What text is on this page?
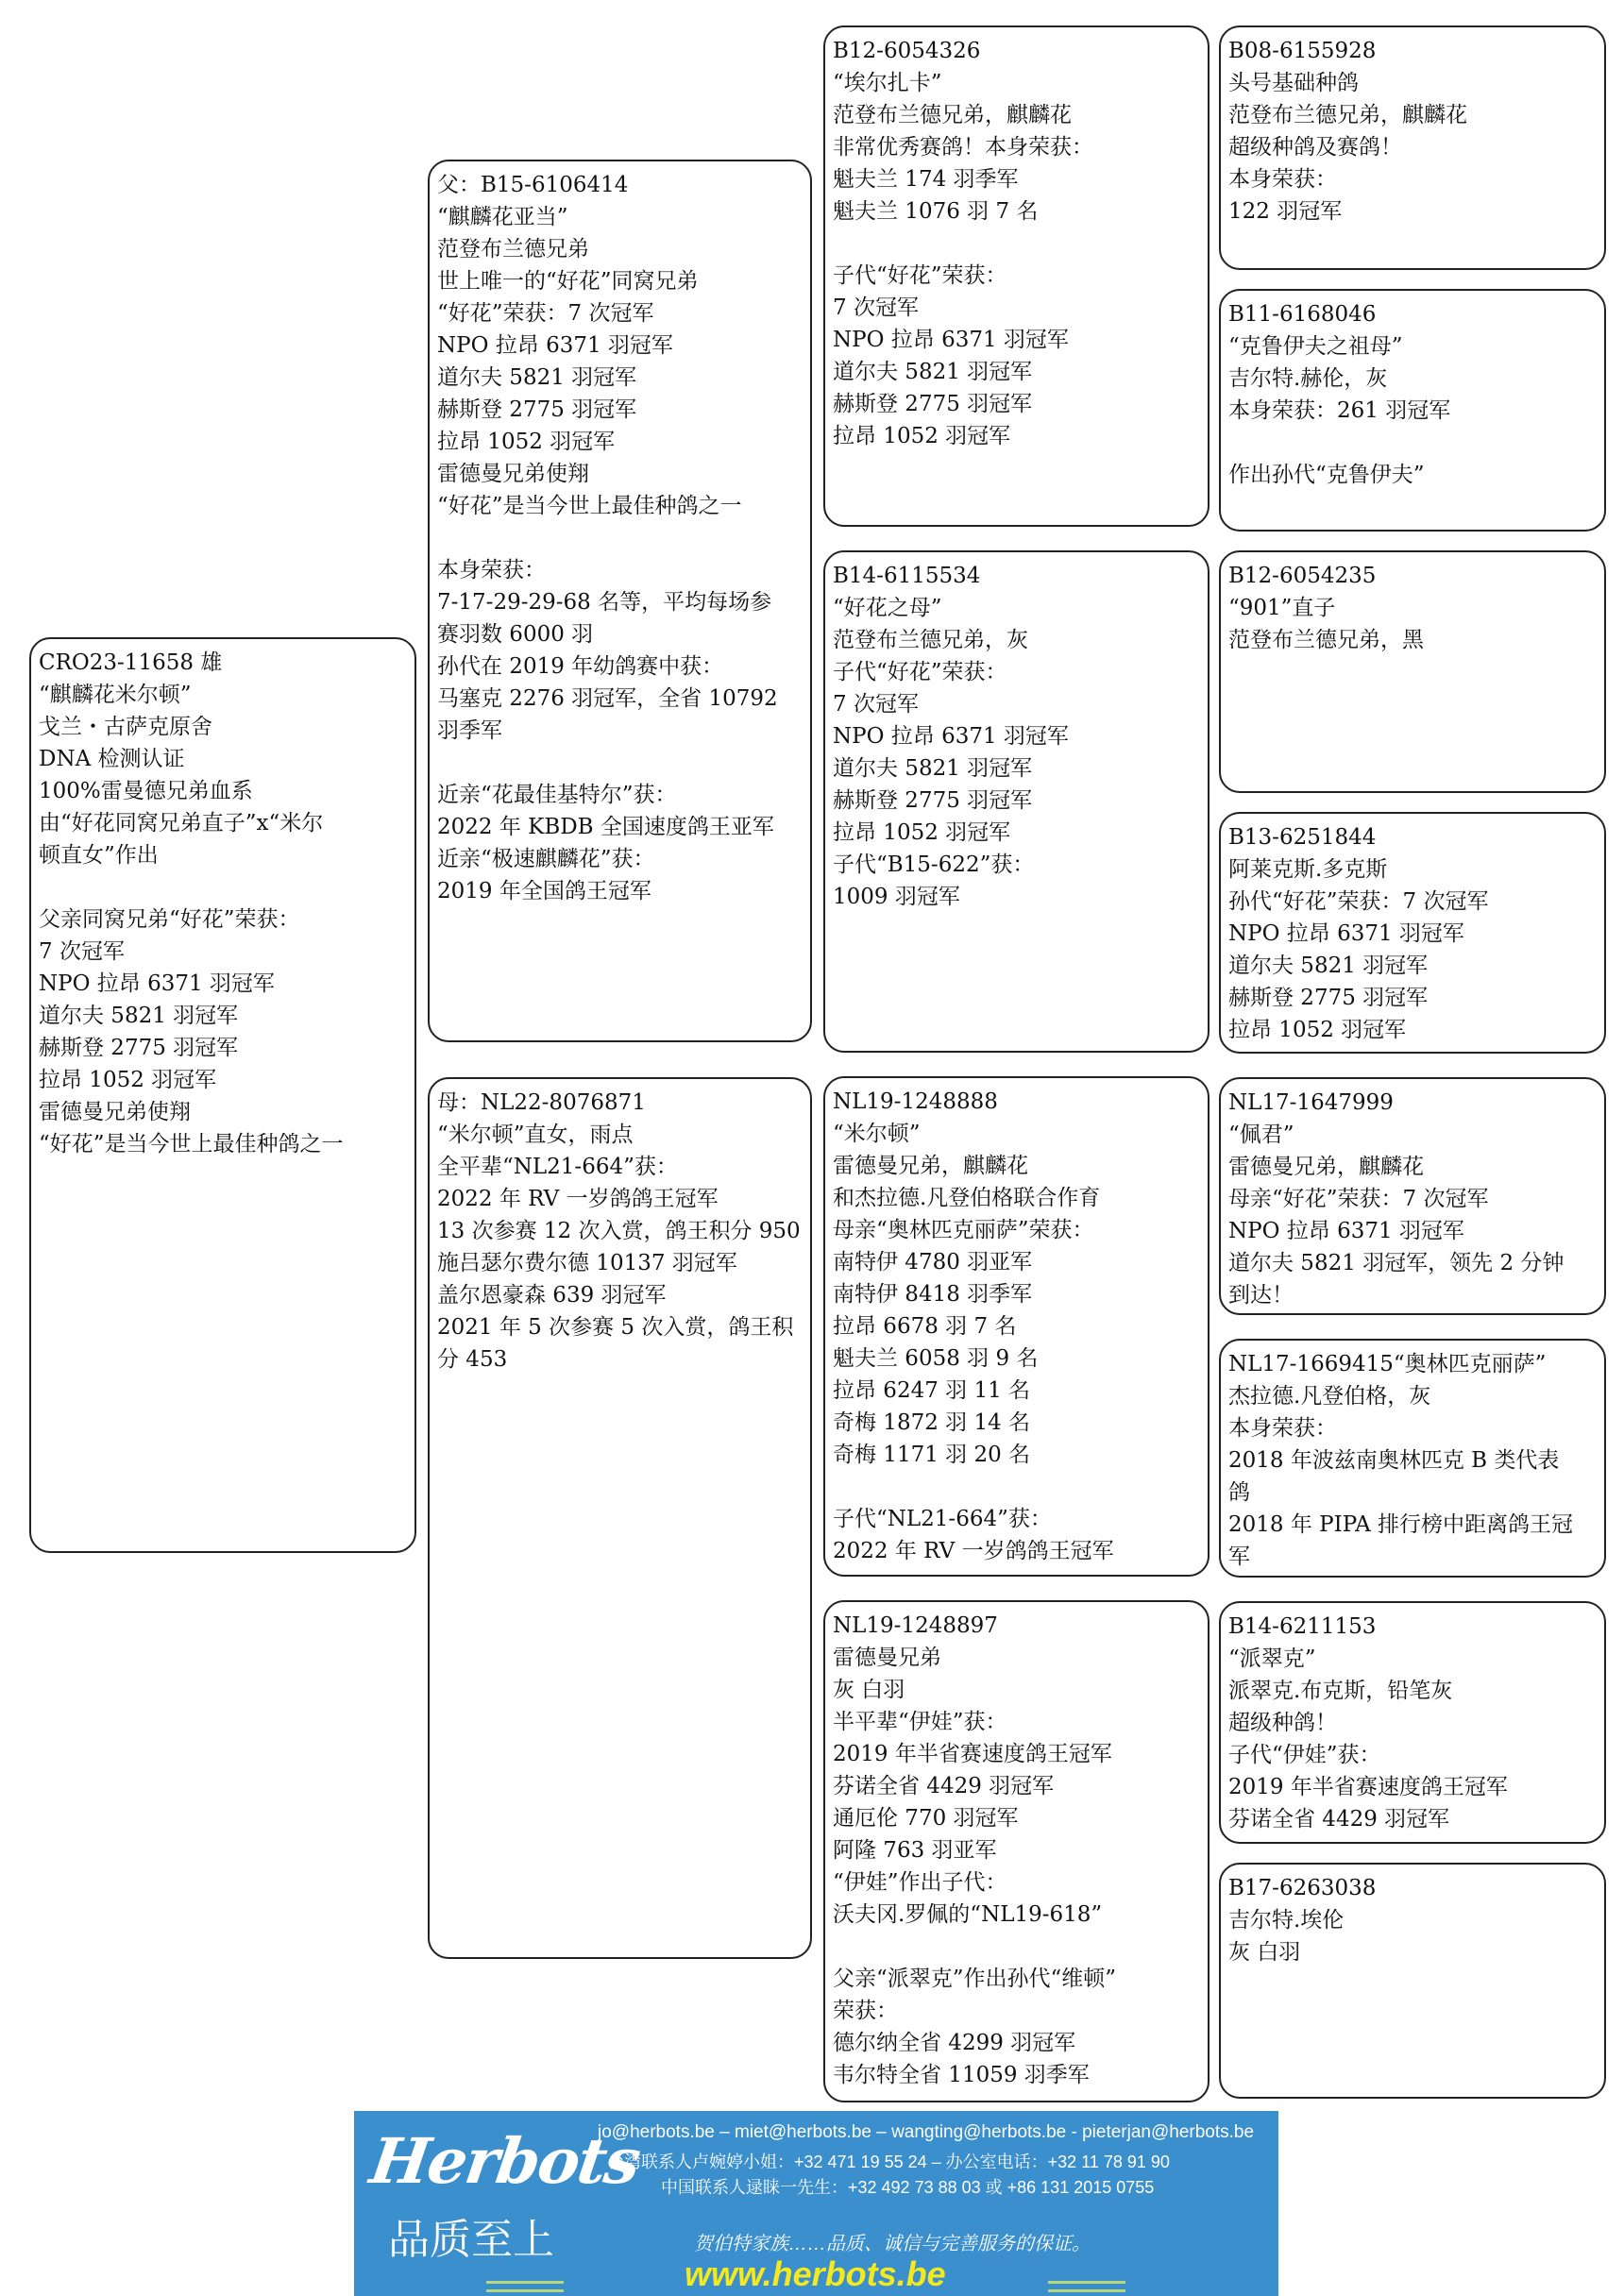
CRO23-11658 雄
“麒麟花米尔顿”
戈兰・古萨克原舍
DNA 检测认证
100%雷曼德兄弟血系
由“好花同窝兄弟直子”x“米尔
顿直女”作出
父亲同窝兄弟“好花”荣获：
7 次冠军
NPO 拉昂 6371 羽冠军
道尔夫 5821 羽冠军
赫斯登 2775 羽冠军
拉昂 1052 羽冠军
雷德曼兄弟使翔
“好花”是当今世上最佳种鸽之一
父：B15-6106414
“麒麟花亚当”
范登布兰德兄弟
世上唯一的“好花”同窝兄弟
“好花”荣获：7 次冠军
NPO 拉昂 6371 羽冠军
道尔夫 5821 羽冠军
赫斯登 2775 羽冠军
拉昂 1052 羽冠军
雷德曼兄弟使翔
“好花”是当今世上最佳种鸽之一
本身荣获：
7-17-29-29-68 名等，平均每场参
赛羽数 6000 羽
孙代在 2019 年幼鸽赛中获：
马塞克 2276 羽冠军，全省 10792
羽季军
近亲“花最佳基特尔”获：
2022 年 KBDB 全国速度鸽王亚军
近亲“极速麒麟花”获：
2019 年全国鸽王冠军
母：NL22-8076871
“米尔顿”直女，雨点
全平辈“NL21-664”获：
2022 年 RV 一岁鸽鸽王冠军
13 次参赛 12 次入赏，鸽王积分 950
施吕瑟尔费尔德 10137 羽冠军
盖尔恩豪森 639 羽冠军
2021 年 5 次参赛 5 次入赏，鸽王积
分 453
B12-6054326
“埃尔扎卡”
范登布兰德兄弟，麒麟花
非常优秀赛鸽！本身荣获：
魁夫兰 174 羽季军
魁夫兰 1076 羽 7 名
子代“好花”荣获：
7 次冠军
NPO 拉昂 6371 羽冠军
道尔夫 5821 羽冠军
赫斯登 2775 羽冠军
拉昂 1052 羽冠军
B14-6115534
“好花之母”
范登布兰德兄弟，灰
子代“好花”荣获：
7 次冠军
NPO 拉昂 6371 羽冠军
道尔夫 5821 羽冠军
赫斯登 2775 羽冠军
拉昂 1052 羽冠军
子代“B15-622”获：
1009 羽冠军
NL19-1248888
“米尔顿”
雷德曼兄弟，麒麟花
和杰拉德.凡登伯格联合作育
母亲“奥林匹克丽萨”荣获：
南特伊 4780 羽亚军
南特伊 8418 羽季军
拉昂 6678 羽 7 名
魁夫兰 6058 羽 9 名
拉昂 6247 羽 11 名
奇梅 1872 羽 14 名
奇梅 1171 羽 20 名
子代“NL21-664”获：
2022 年 RV 一岁鸽鸽王冠军
NL19-1248897
雷德曼兄弟
灰 白羽
半平辈“伊娃”获：
2019 年半省赛速度鸽王冠军
芬诺全省 4429 羽冠军
通厄伦 770 羽冠军
阿隆 763 羽亚军
“伊娃”作出子代：
沃夫冈.罗佩的“NL19-618”
父亲“派翠克”作出孙代“维顿”
荣获：
德尔纳全省 4299 羽冠军
韦尔特全省 11059 羽季军
B08-6155928
头号基础种鸽
范登布兰德兄弟，麒麟花
超级种鸽及赛鸽！
本身荣获：
122 羽冠军
B11-6168046
“克鲁伊夫之祖母”
吉尔特.赫伦，灰
本身荣获：261 羽冠军
作出孙代“克鲁伊夫”
B12-6054235
“901”直子
范登布兰德兄弟，黑
B13-6251844
阿莱克斯.多克斯
孙代“好花”荣获：7 次冠军
NPO 拉昂 6371 羽冠军
道尔夫 5821 羽冠军
赫斯登 2775 羽冠军
拉昂 1052 羽冠军
NL17-1647999
“佩君”
雷德曼兄弟，麒麟花
母亲“好花”荣获：7 次冠军
NPO 拉昂 6371 羽冠军
道尔夫 5821 羽冠军，领先 2 分钟
到达！
NL17-1669415“奥林匹克丽萨”
杰拉德.凡登伯格，灰
本身荣获：
2018 年波兹南奥林匹克 B 类代表
鸽
2018 年 PIPA 排行榜中距离鸽王冠
军
B14-6211153
“派翠克”
派翠克.布克斯，铅笔灰
超级种鸽！
子代“伊娃”获：
2019 年半省赛速度鸽王冠军
芬诺全省 4429 羽冠军
B17-6263038
吉尔特.埃伦
灰 白羽
Herbots
品质至上
jo@herbots.be – miet@herbots.be – wangting@herbots.be - pieterjan@herbots.be
台湾联系人卢婉婷小姐：+32 471 19 55 24 – 办公室电话：+32 11 78 91 90
中国联系人逯睐一先生：+32 492 73 88 03 或 +86 131 2015 0755
贺伯特家族……品质、诚信与完善服务的保证。
www.herbots.be
